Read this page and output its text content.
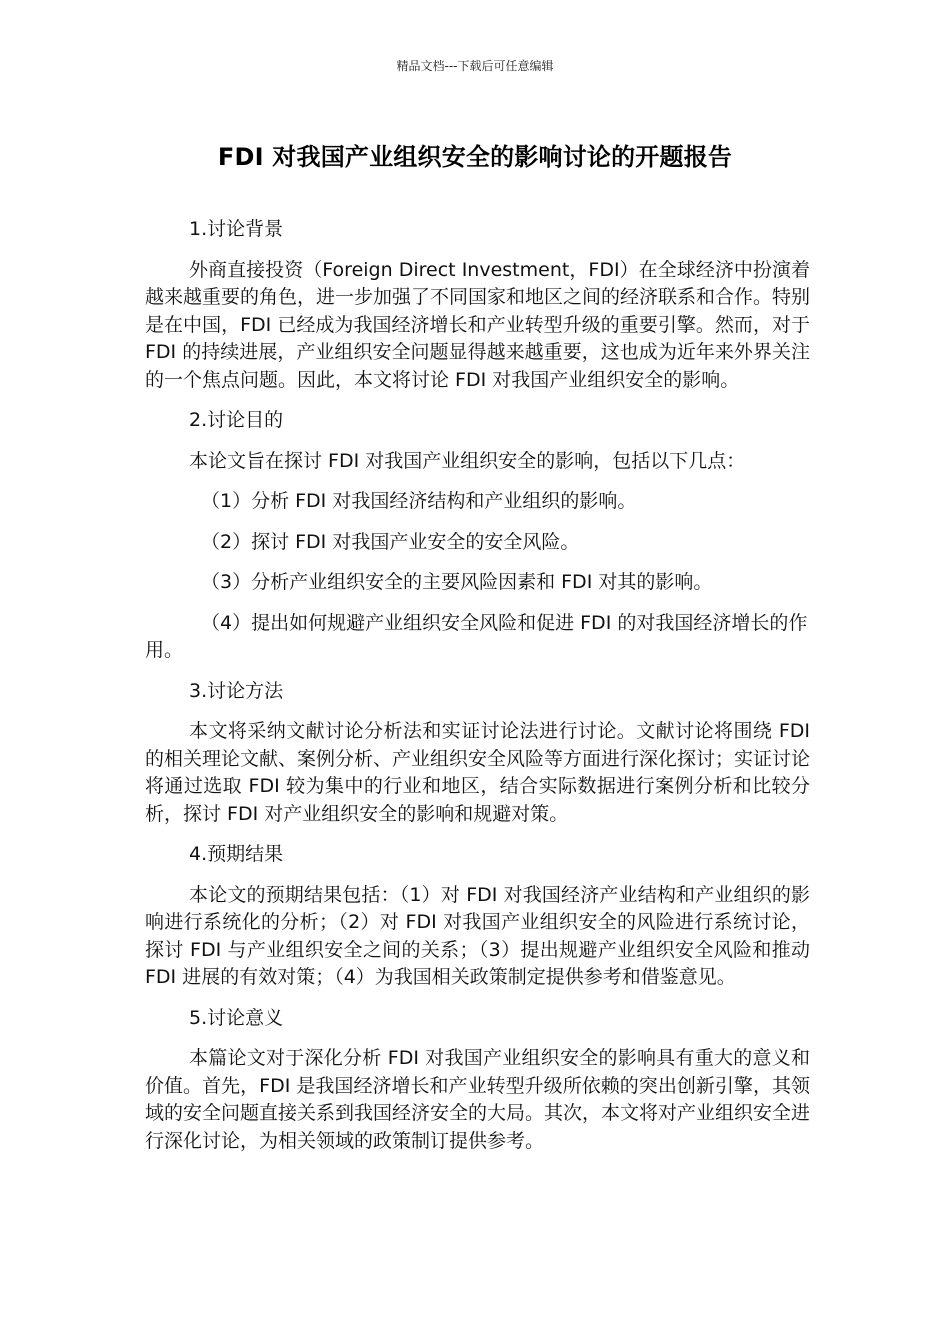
精品文档---下载后可任意编辑
FDI 对我国产业组织安全的影响讨论的开题报告
1.讨论背景
外商直接投资（Foreign Direct Investment，FDI）在全球经济中扮演着越来越重要的角色，进一步加强了不同国家和地区之间的经济联系和合作。特别是在中国，FDI 已经成为我国经济增长和产业转型升级的重要引擎。然而，对于 FDI 的持续进展，产业组织安全问题显得越来越重要，这也成为近年来外界关注的一个焦点问题。因此，本文将讨论 FDI 对我国产业组织安全的影响。
2.讨论目的
本论文旨在探讨 FDI 对我国产业组织安全的影响，包括以下几点：
（1）分析 FDI 对我国经济结构和产业组织的影响。
（2）探讨 FDI 对我国产业安全的安全风险。
（3）分析产业组织安全的主要风险因素和 FDI 对其的影响。
（4）提出如何规避产业组织安全风险和促进 FDI 的对我国经济增长的作用。
3.讨论方法
本文将采纳文献讨论分析法和实证讨论法进行讨论。文献讨论将围绕 FDI 的相关理论文献、案例分析、产业组织安全风险等方面进行深化探讨；实证讨论将通过选取 FDI 较为集中的行业和地区，结合实际数据进行案例分析和比较分析，探讨 FDI 对产业组织安全的影响和规避对策。
4.预期结果
本论文的预期结果包括：（1）对 FDI 对我国经济产业结构和产业组织的影响进行系统化的分析；（2）对 FDI 对我国产业组织安全的风险进行系统讨论，探讨 FDI 与产业组织安全之间的关系；（3）提出规避产业组织安全风险和推动 FDI 进展的有效对策；（4）为我国相关政策制定提供参考和借鉴意见。
5.讨论意义
本篇论文对于深化分析 FDI 对我国产业组织安全的影响具有重大的意义和价值。首先，FDI 是我国经济增长和产业转型升级所依赖的突出创新引擎，其领域的安全问题直接关系到我国经济安全的大局。其次，本文将对产业组织安全进行深化讨论，为相关领域的政策制订提供参考。
